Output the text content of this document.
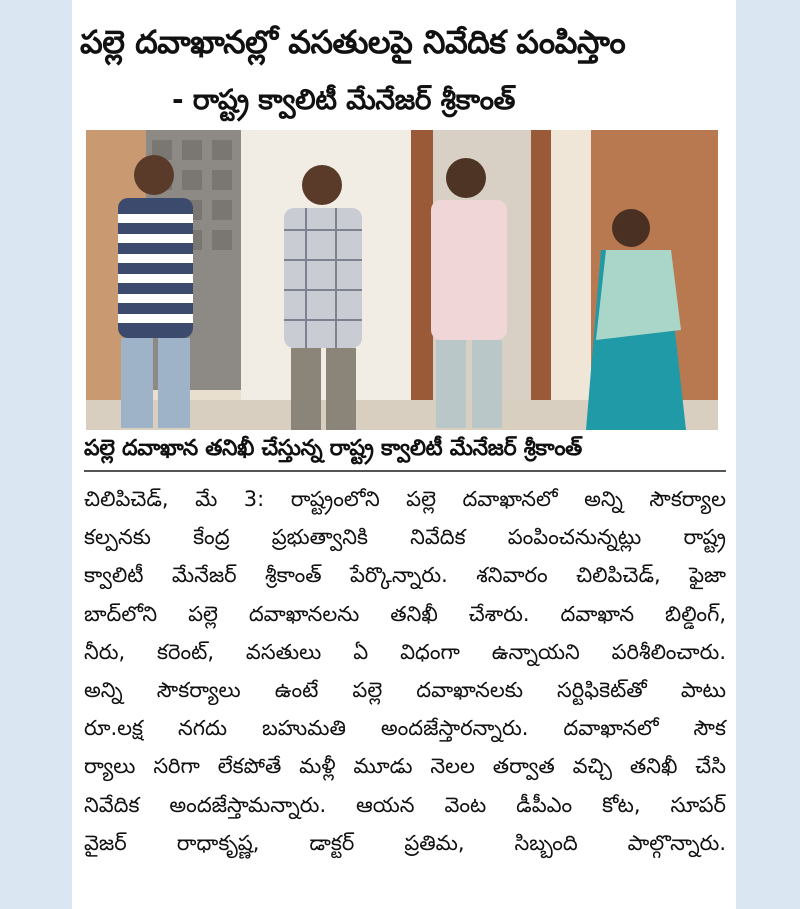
పల్లె దవాఖానల్లో వసతులపై నివేదిక పంపిస్తాం
- రాష్ట్ర క్వాలిటీ మేనేజర్ శ్రీకాంత్
పల్లె దవాఖాన తనిఖీ చేస్తున్న రాష్ట్ర క్వాలిటీ మేనేజర్ శ్రీకాంత్
చిలిపిచెడ్, మే 3: రాష్ట్రంలోని పల్లె దవాఖానలో అన్ని సౌకర్యాల
కల్పనకు కేంద్ర ప్రభుత్వానికి నివేదిక పంపించనున్నట్లు రాష్ట్ర
క్వాలిటీ మేనేజర్ శ్రీకాంత్ పేర్కొన్నారు. శనివారం చిలిపిచెడ్, ఫైజా
బాద్‌లోని పల్లె దవాఖానలను తనిఖీ చేశారు. దవాఖాన బిల్డింగ్,
నీరు, కరెంట్, వసతులు ఏ విధంగా ఉన్నాయని పరిశీలించారు.
అన్ని సౌకర్యాలు ఉంటే పల్లె దవాఖానలకు సర్టిఫికెట్‌తో పాటు
రూ.లక్ష నగదు బహుమతి అందజేస్తారన్నారు. దవాఖానలో సౌక
ర్యాలు సరిగా లేకపోతే మళ్లీ మూడు నెలల తర్వాత వచ్చి తనిఖీ చేసి
నివేదిక అందజేస్తామన్నారు. ఆయన వెంట డీపీఎం కోట, సూపర్
వైజర్ రాధాకృష్ణ, డాక్టర్ ప్రతిమ, సిబ్బంది పాల్గొన్నారు.
